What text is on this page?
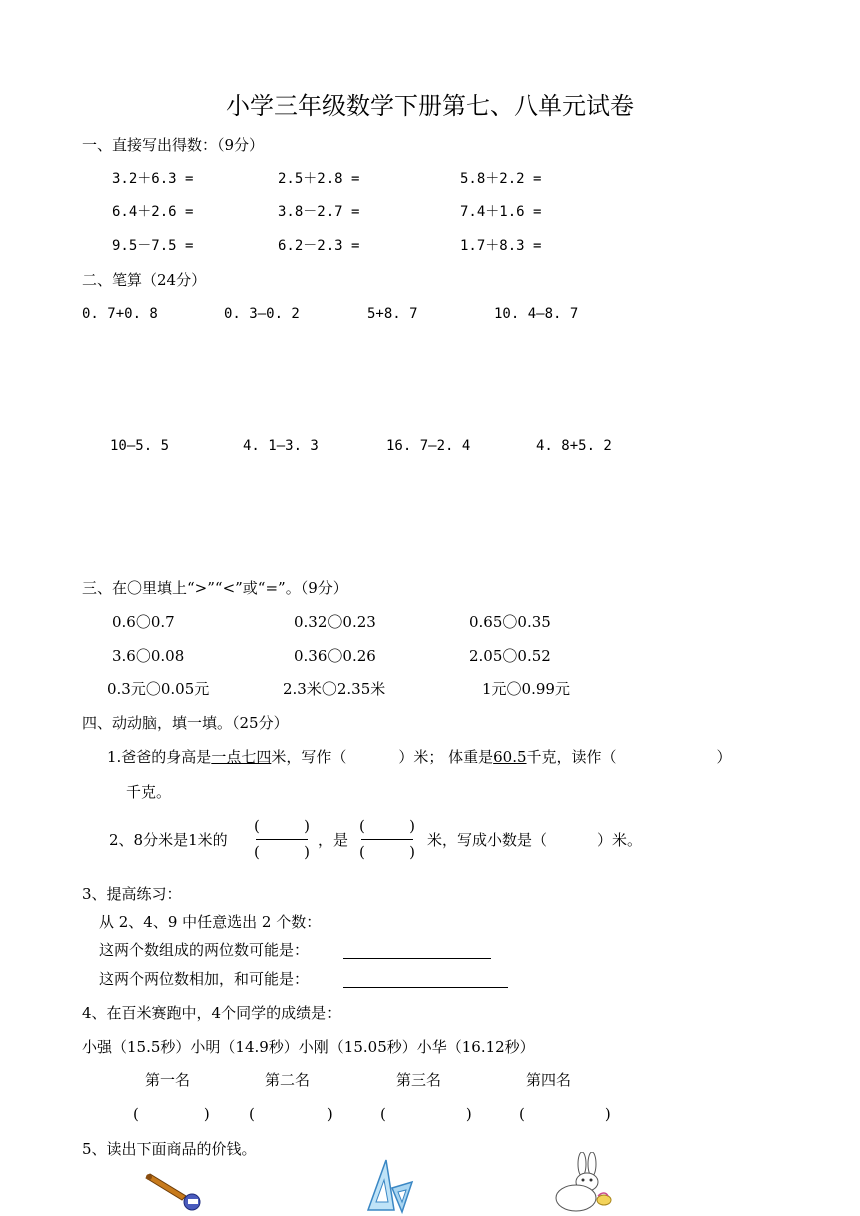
小学三年级数学下册第七、八单元试卷
一、直接写出得数：（9分）
3.2＋6.3 =	2.5＋2.8 =	5.8＋2.2 =
6.4＋2.6 =	3.8－2.7 =	7.4＋1.6 =
9.5－7.5 =	6.2－2.3 =	1.7＋8.3 =
二、笔算（24分）
0. 7+0. 8	0. 3—0. 2	5+8. 7	10. 4—8. 7
10—5. 5	4. 1—3. 3	16. 7—2. 4	4. 8+5. 2
三、在〇里填上“>”“<”或“=”。（9分）
0.6〇0.7	0.32〇0.23	0.65〇0.35
3.6〇0.08	0.36〇0.26	2.05〇0.52
0.3元〇0.05元	2.3米〇2.35米	1元〇0.99元
四、动动脑，填一填。（25分）
1.爸爸的身高是一点七四米，写作（	）米； 体重是60.5千克，读作（	）
千克。
2、8分米是1米的
(	)
(	)
，是
(	)
(	)
米，写成小数是（	）米。
3、提高练习：
从 2、4、9 中任意选出 2 个数：
这两个数组成的两位数可能是：
这两个两位数相加，和可能是：
4、在百米赛跑中，4个同学的成绩是：
小强（15.5秒）小明（14.9秒）小刚（15.05秒）小华（16.12秒）
第一名	第二名	第三名	第四名
(	)	(	)	(	)	(	)
5、读出下面商品的价钱。
